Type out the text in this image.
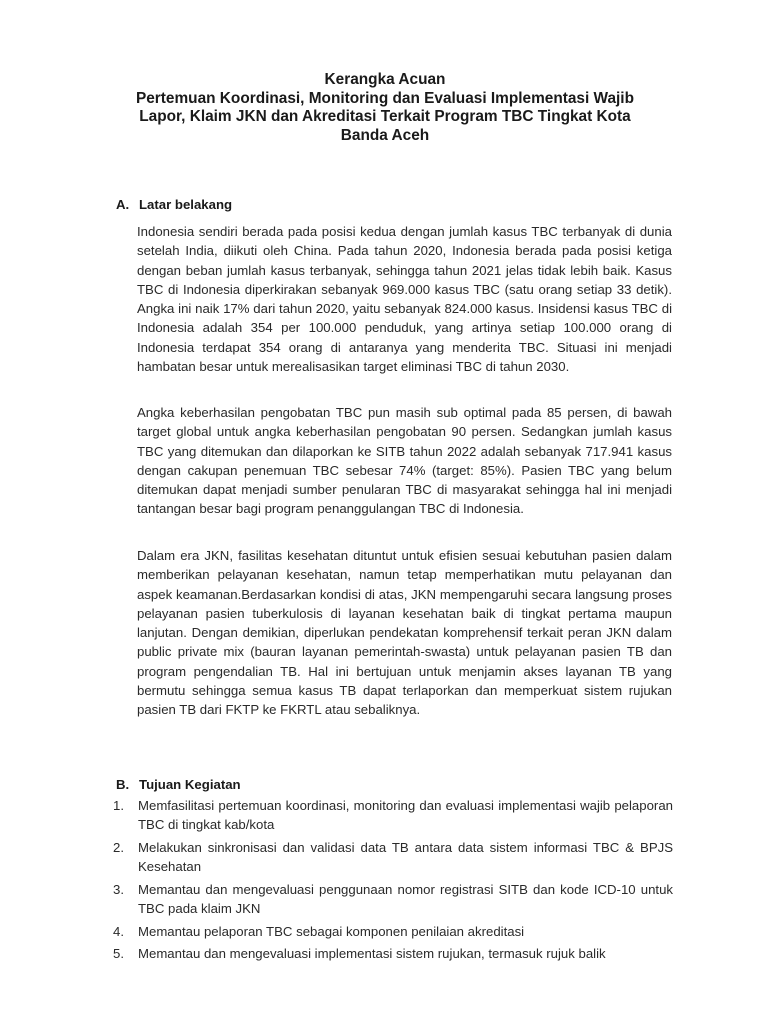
Kerangka Acuan
Pertemuan Koordinasi, Monitoring dan Evaluasi Implementasi Wajib
Lapor, Klaim JKN dan Akreditasi Terkait Program TBC Tingkat Kota
Banda Aceh
A. Latar belakang

Indonesia sendiri berada pada posisi kedua dengan jumlah kasus TBC terbanyak di dunia setelah India, diikuti oleh China. Pada tahun 2020, Indonesia berada pada posisi ketiga dengan beban jumlah kasus terbanyak, sehingga tahun 2021 jelas tidak lebih baik. Kasus TBC di Indonesia diperkirakan sebanyak 969.000 kasus TBC (satu orang setiap 33 detik). Angka ini naik 17% dari tahun 2020, yaitu sebanyak 824.000 kasus. Insidensi kasus TBC di Indonesia adalah 354 per 100.000 penduduk, yang artinya setiap 100.000 orang di Indonesia terdapat 354 orang di antaranya yang menderita TBC. Situasi ini menjadi hambatan besar untuk merealisasikan target eliminasi TBC di tahun 2030.

Angka keberhasilan pengobatan TBC pun masih sub optimal pada 85 persen, di bawah target global untuk angka keberhasilan pengobatan 90 persen. Sedangkan jumlah kasus TBC yang ditemukan dan dilaporkan ke SITB tahun 2022 adalah sebanyak 717.941 kasus dengan cakupan penemuan TBC sebesar 74% (target: 85%). Pasien TBC yang belum ditemukan dapat menjadi sumber penularan TBC di masyarakat sehingga hal ini menjadi tantangan besar bagi program penanggulangan TBC di Indonesia.

Dalam era JKN, fasilitas kesehatan dituntut untuk efisien sesuai kebutuhan pasien dalam memberikan pelayanan kesehatan, namun tetap memperhatikan mutu pelayanan dan aspek keamanan.Berdasarkan kondisi di atas, JKN mempengaruhi secara langsung proses pelayanan pasien tuberkulosis di layanan kesehatan baik di tingkat pertama maupun lanjutan. Dengan demikian, diperlukan pendekatan komprehensif terkait peran JKN dalam public private mix (bauran layanan pemerintah-swasta) untuk pelayanan pasien TB dan program pengendalian TB. Hal ini bertujuan untuk menjamin akses layanan TB yang bermutu sehingga semua kasus TB dapat terlaporkan dan memperkuat sistem rujukan pasien TB dari FKTP ke FKRTL atau sebaliknya.

B. Tujuan Kegiatan
1. Memfasilitasi pertemuan koordinasi, monitoring dan evaluasi implementasi wajib pelaporan TBC di tingkat kab/kota
2. Melakukan sinkronisasi dan validasi data TB antara data sistem informasi TBC & BPJS Kesehatan
3. Memantau dan mengevaluasi penggunaan nomor registrasi SITB dan kode ICD-10 untuk TBC pada klaim JKN
4. Memantau pelaporan TBC sebagai komponen penilaian akreditasi
5. Memantau dan mengevaluasi implementasi sistem rujukan, termasuk rujuk balik
